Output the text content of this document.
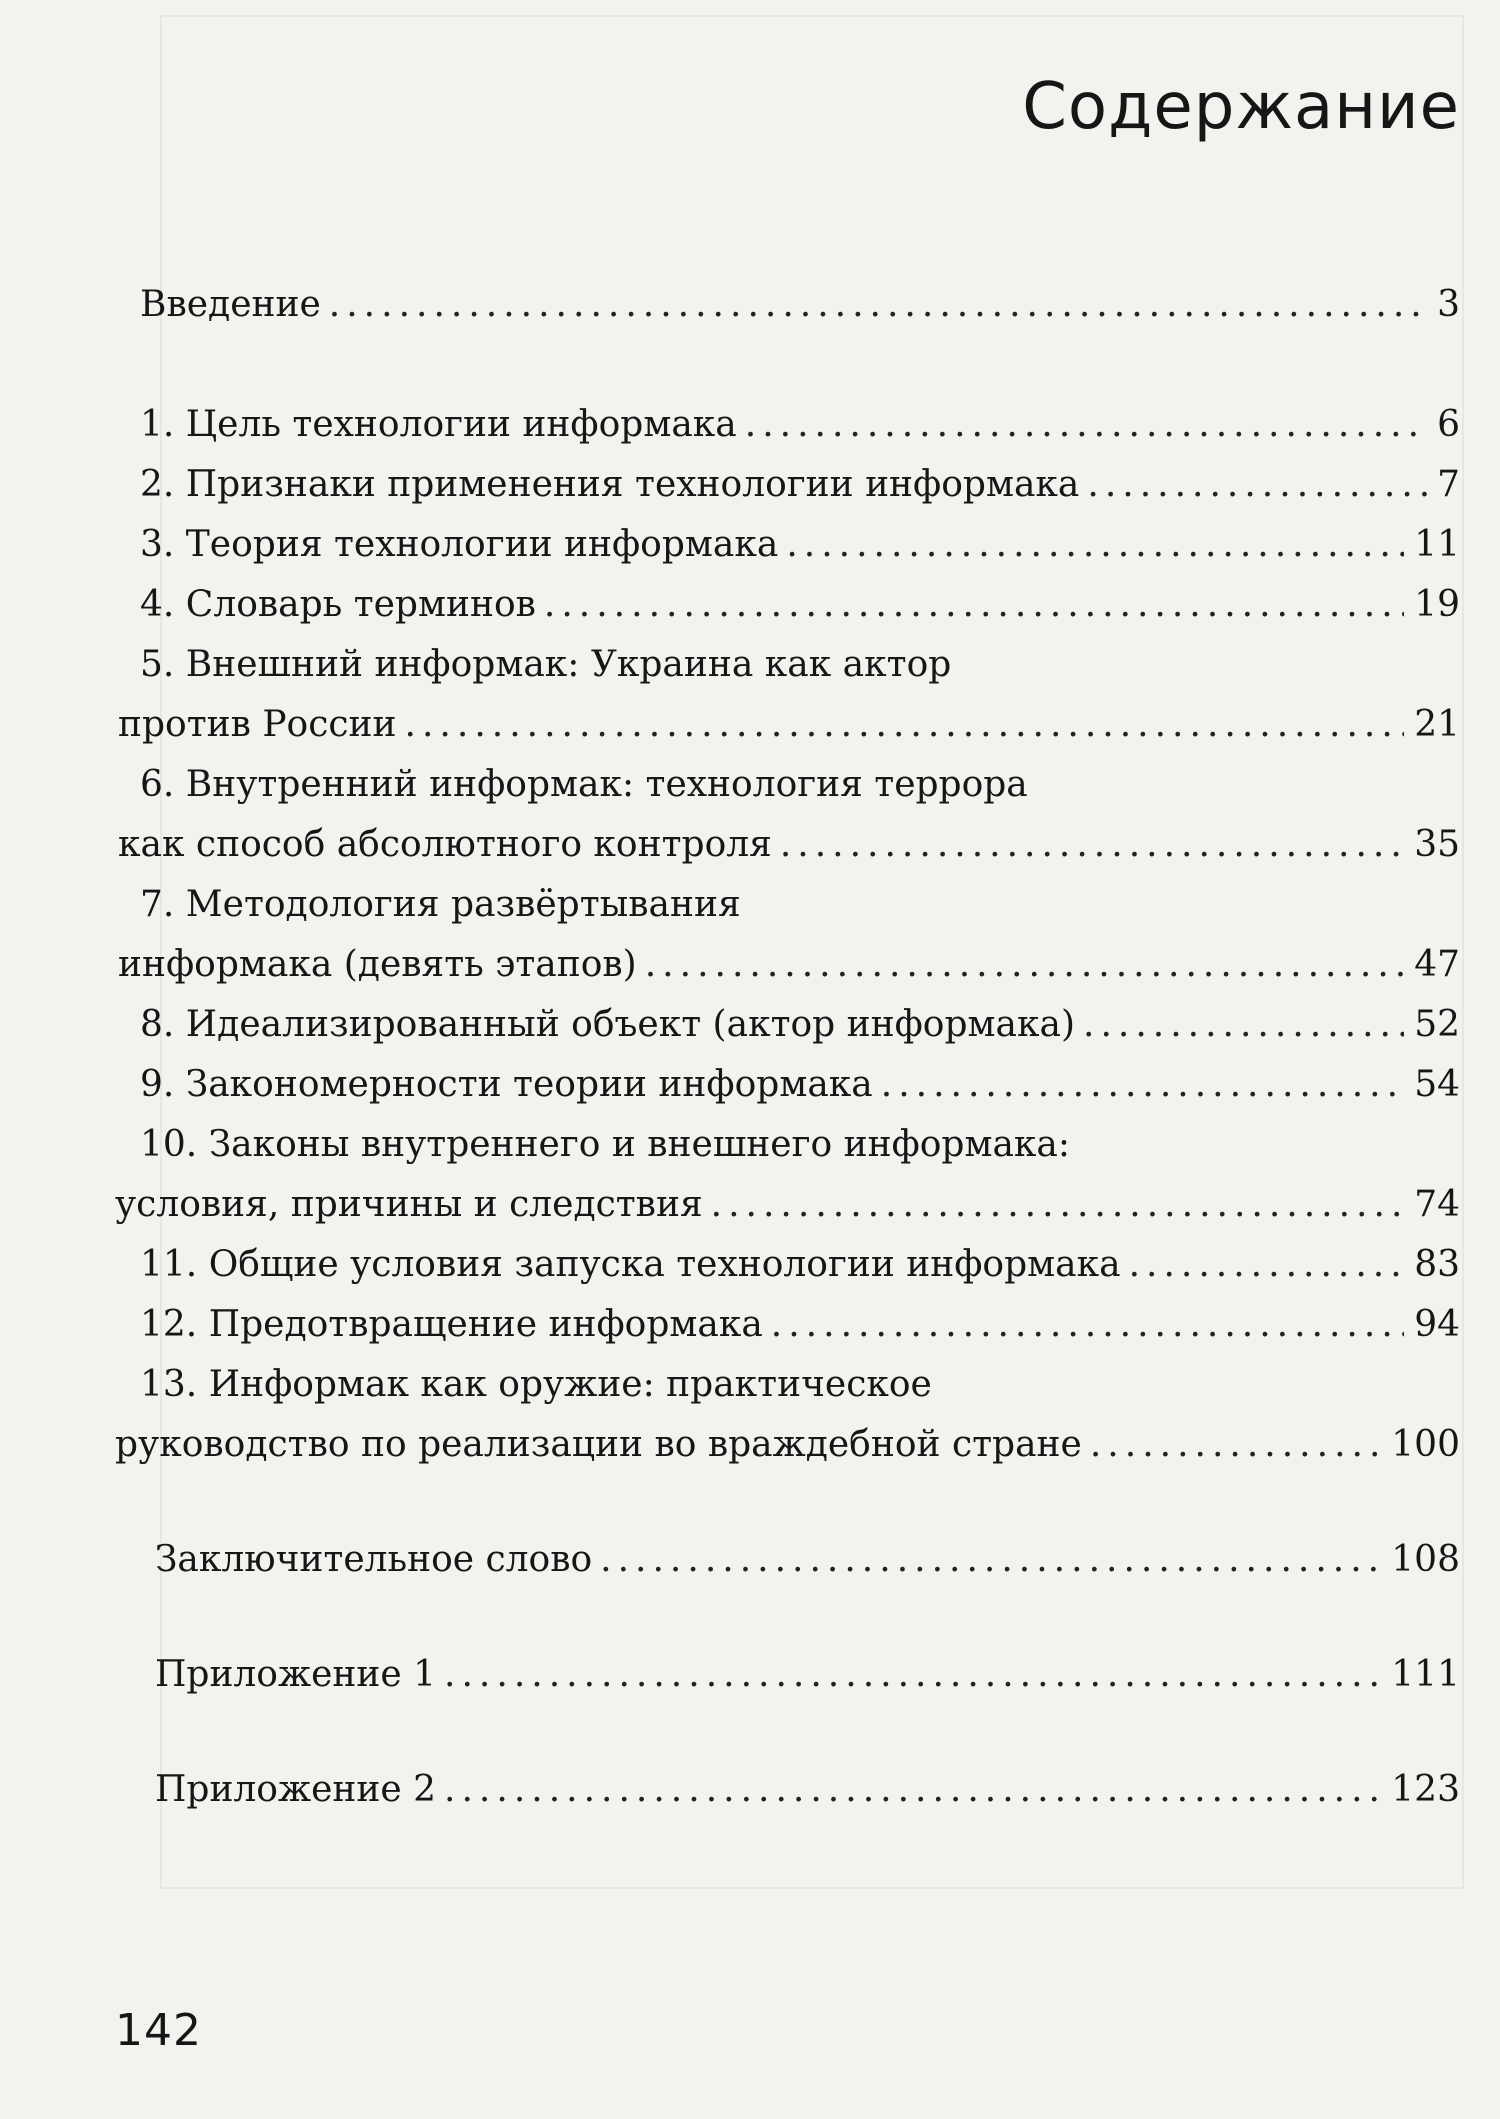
Содержание
Введение .....	3
1. Цель технологии информака .....	6
2. Признаки применения технологии информака .....	7
3. Теория технологии информака .....	11
4. Словарь терминов .....	19
5. Внешний информак: Украина как актор
против России .....	21
6. Внутренний информак: технология террора
как способ абсолютного контроля .....	35
7. Методология развёртывания
информака (девять этапов) .....	47
8. Идеализированный объект (актор информака) .....	52
9. Закономерности теории информака .....	54
10. Законы внутреннего и внешнего информака:
условия, причины и следствия .....	74
11. Общие условия запуска технологии информака .....	83
12. Предотвращение информака .....	94
13. Информак как оружие: практическое
руководство по реализации во враждебной стране .....	100
Заключительное слово .....	108
Приложение 1 .....	111
Приложение 2 .....	123
142
